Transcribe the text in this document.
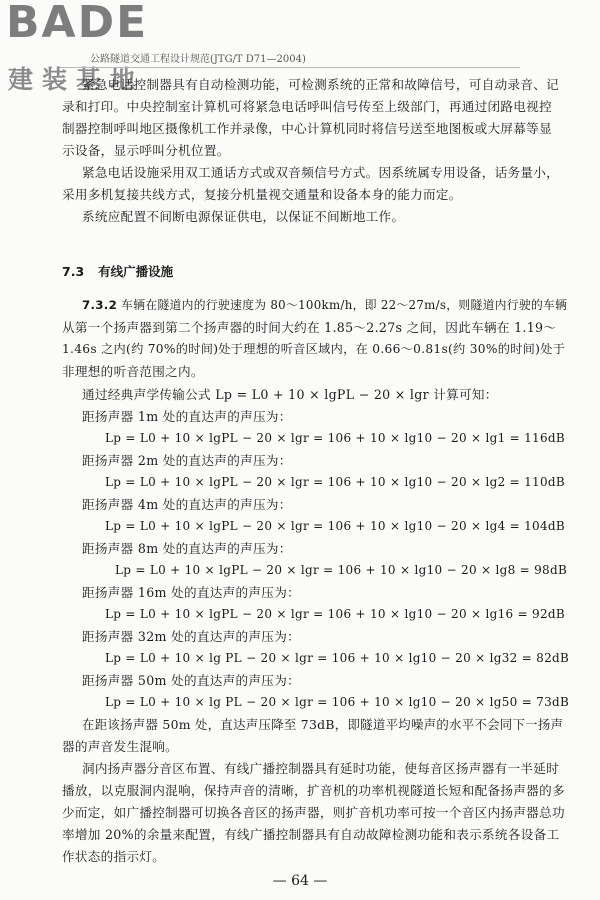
BADE
建装基地
公路隧道交通工程设计规范(JTG/T D71—2004)
紧急电话控制器具有自动检测功能，可检测系统的正常和故障信号，可自动录音、记
录和打印。中央控制室计算机可将紧急电话呼叫信号传至上级部门，再通过闭路电视控
制器控制呼叫地区摄像机工作并录像，中心计算机同时将信号送至地图板或大屏幕等显
示设备，显示呼叫分机位置。
紧急电话设施采用双工通话方式或双音频信号方式。因系统属专用设备，话务量小，
采用多机复接共线方式，复接分机量视交通量和设备本身的能力而定。
系统应配置不间断电源保证供电，以保证不间断地工作。
7.3 有线广播设施
7.3.2 车辆在隧道内的行驶速度为 80～100km/h，即 22～27m/s，则隧道内行驶的车辆
从第一个扬声器到第二个扬声器的时间大约在 1.85～2.27s 之间，因此车辆在 1.19～
1.46s 之内(约 70%的时间)处于理想的听音区域内，在 0.66～0.81s(约 30%的时间)处于
非理想的听音范围之内。
通过经典声学传输公式 Lp = L0 + 10 × lgPL − 20 × lgr 计算可知：
距扬声器 1m 处的直达声的声压为：
Lp = L0 + 10 × lgPL − 20 × lgr = 106 + 10 × lg10 − 20 × lg1 = 116dB
距扬声器 2m 处的直达声的声压为：
Lp = L0 + 10 × lgPL − 20 × lgr = 106 + 10 × lg10 − 20 × lg2 = 110dB
距扬声器 4m 处的直达声的声压为：
Lp = L0 + 10 × lgPL − 20 × lgr = 106 + 10 × lg10 − 20 × lg4 = 104dB
距扬声器 8m 处的直达声的声压为：
Lp = L0 + 10 × lgPL − 20 × lgr = 106 + 10 × lg10 − 20 × lg8 = 98dB
距扬声器 16m 处的直达声的声压为：
Lp = L0 + 10 × lgPL − 20 × lgr = 106 + 10 × lg10 − 20 × lg16 = 92dB
距扬声器 32m 处的直达声的声压为：
Lp = L0 + 10 × lg PL − 20 × lgr = 106 + 10 × lg10 − 20 × lg32 = 82dB
距扬声器 50m 处的直达声的声压为：
Lp = L0 + 10 × lg PL − 20 × lgr = 106 + 10 × lg10 − 20 × lg50 = 73dB
在距该扬声器 50m 处，直达声压降至 73dB，即隧道平均噪声的水平不会同下一扬声
器的声音发生混响。
洞内扬声器分音区布置、有线广播控制器具有延时功能，使每音区扬声器有一半延时
播放，以克服洞内混响，保持声音的清晰，扩音机的功率机视隧道长短和配备扬声器的多
少而定，如广播控制器可切换各音区的扬声器，则扩音机功率可按一个音区内扬声器总功
率增加 20%的余量来配置，有线广播控制器具有自动故障检测功能和表示系统各设备工
作状态的指示灯。
— 64 —
